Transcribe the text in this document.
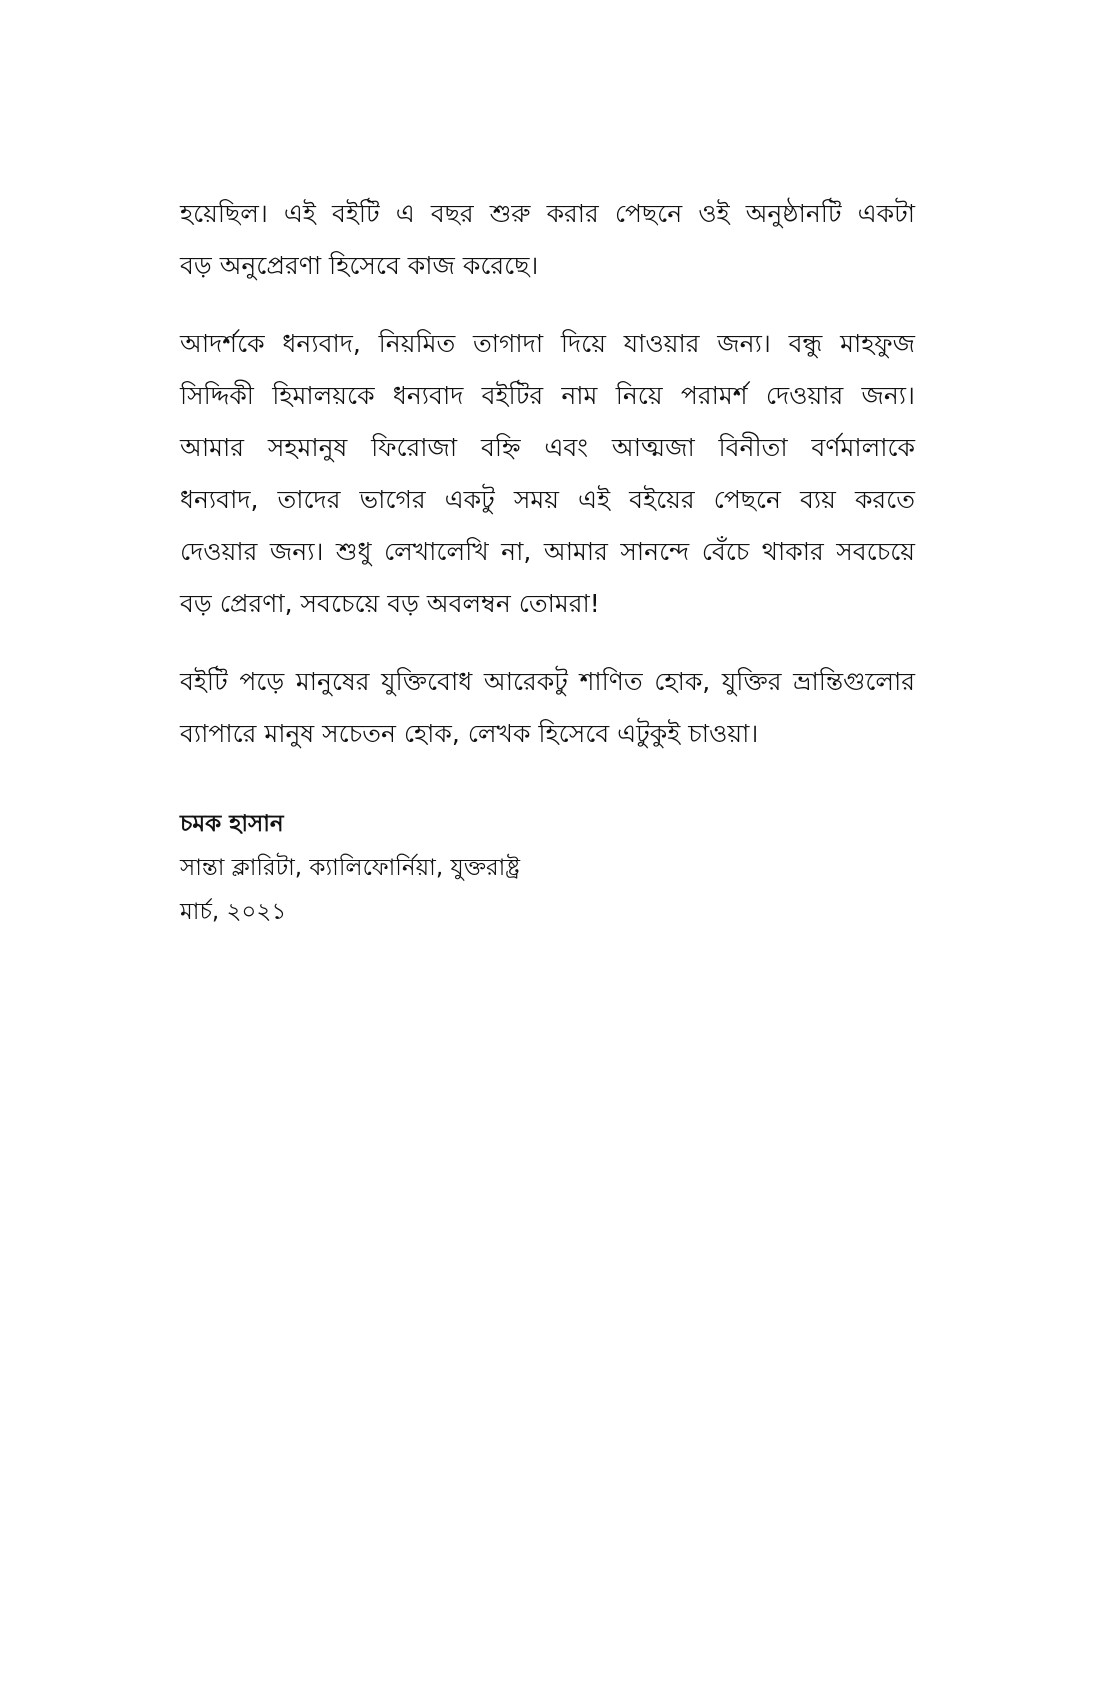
হয়েছিল। এই বইটি এ বছর শুরু করার পেছনে ওই অনুষ্ঠানটি একটা
বড় অনুপ্রেরণা হিসেবে কাজ করেছে।

আদর্শকে ধন্যবাদ, নিয়মিত তাগাদা দিয়ে যাওয়ার জন্য। বন্ধু মাহফুজ
সিদ্দিকী হিমালয়কে ধন্যবাদ বইটির নাম নিয়ে পরামর্শ দেওয়ার জন্য।
আমার সহমানুষ ফিরোজা বহ্নি এবং আত্মজা বিনীতা বর্ণমালাকে
ধন্যবাদ, তাদের ভাগের একটু সময় এই বইয়ের পেছনে ব্যয় করতে
দেওয়ার জন্য। শুধু লেখালেখি না, আমার সানন্দে বেঁচে থাকার সবচেয়ে
বড় প্রেরণা, সবচেয়ে বড় অবলম্বন তোমরা!

বইটি পড়ে মানুষের যুক্তিবোধ আরেকটু শাণিত হোক, যুক্তির ভ্রান্তিগুলোর
ব্যাপারে মানুষ সচেতন হোক, লেখক হিসেবে এটুকুই চাওয়া।

চমক হাসান
সান্তা ক্লারিটা, ক্যালিফোর্নিয়া, যুক্তরাষ্ট্র
মার্চ, ২০২১
